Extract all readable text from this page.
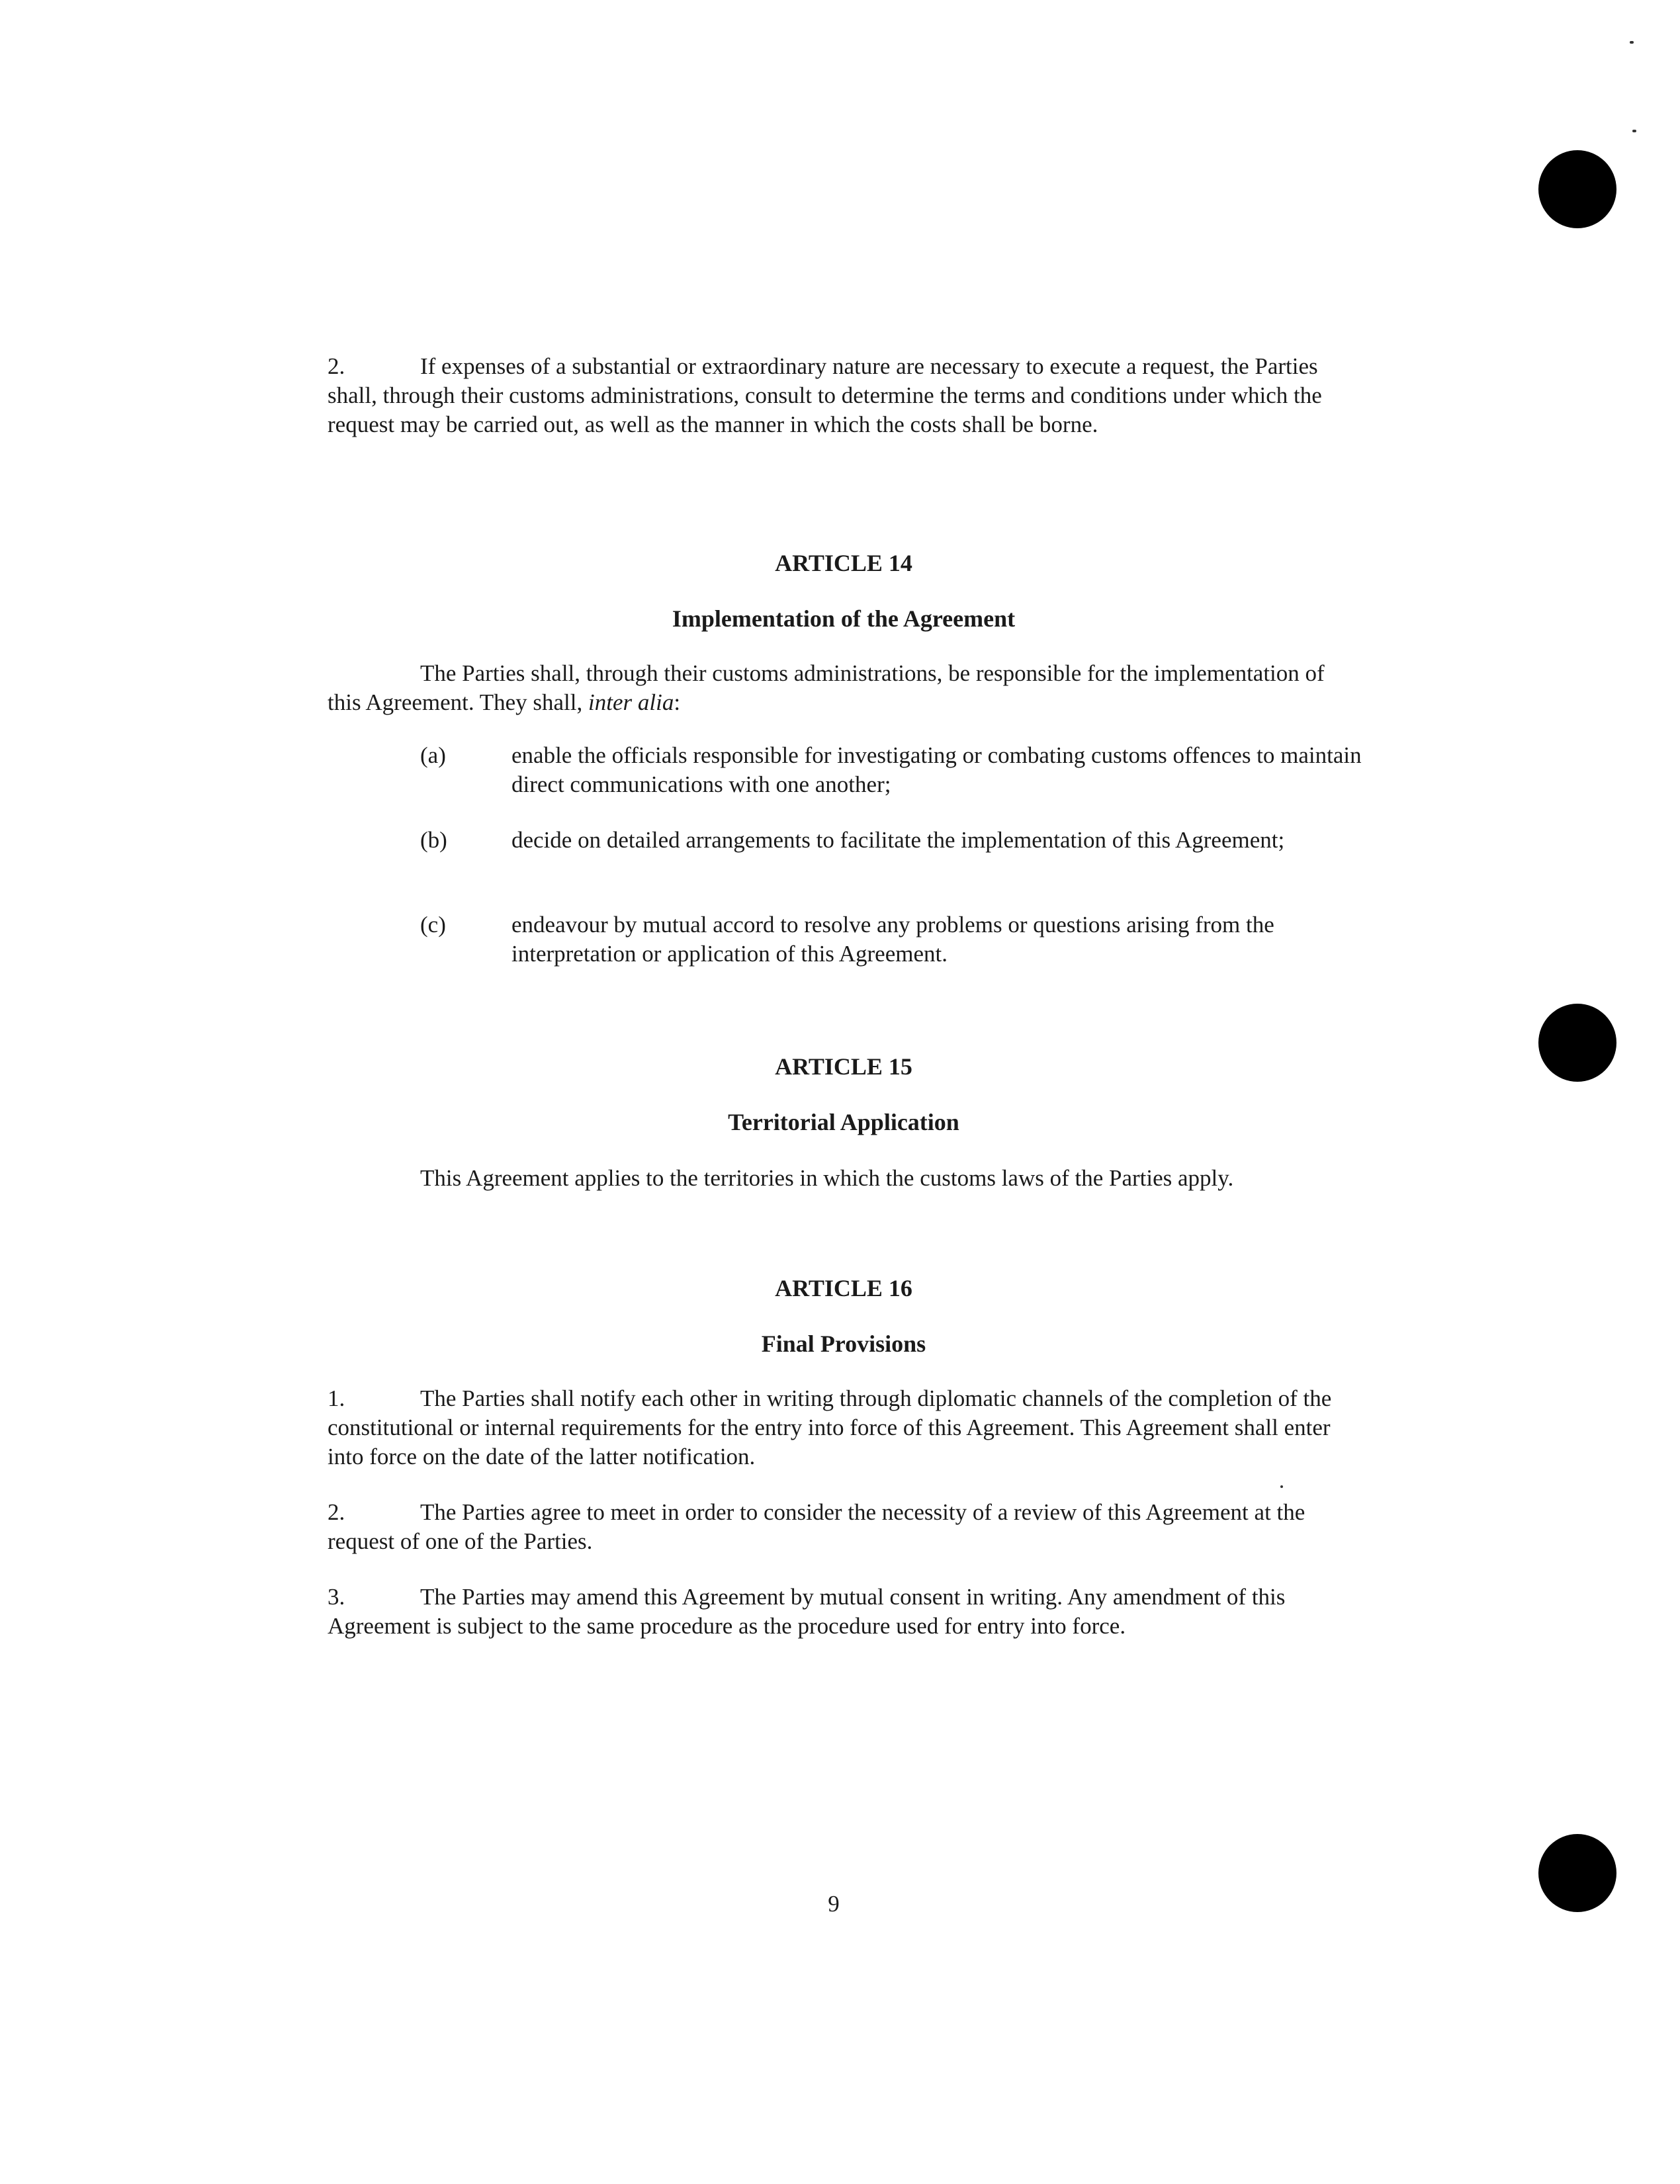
2.	If expenses of a substantial or extraordinary nature are necessary to execute a request, the Parties shall, through their customs administrations, consult to determine the terms and conditions under which the request may be carried out, as well as the manner in which the costs shall be borne.

ARTICLE 14

Implementation of the Agreement

The Parties shall, through their customs administrations, be responsible for the implementation of this Agreement. They shall, inter alia:

(a)	enable the officials responsible for investigating or combating customs offences to maintain direct communications with one another;

(b)	decide on detailed arrangements to facilitate the implementation of this Agreement;

(c)	endeavour by mutual accord to resolve any problems or questions arising from the interpretation or application of this Agreement.

ARTICLE 15

Territorial Application

This Agreement applies to the territories in which the customs laws of the Parties apply.

ARTICLE 16

Final Provisions

1.	The Parties shall notify each other in writing through diplomatic channels of the completion of the constitutional or internal requirements for the entry into force of this Agreement. This Agreement shall enter into force on the date of the latter notification.

2.	The Parties agree to meet in order to consider the necessity of a review of this Agreement at the request of one of the Parties.

3.	The Parties may amend this Agreement by mutual consent in writing. Any amendment of this Agreement is subject to the same procedure as the procedure used for entry into force.

9
